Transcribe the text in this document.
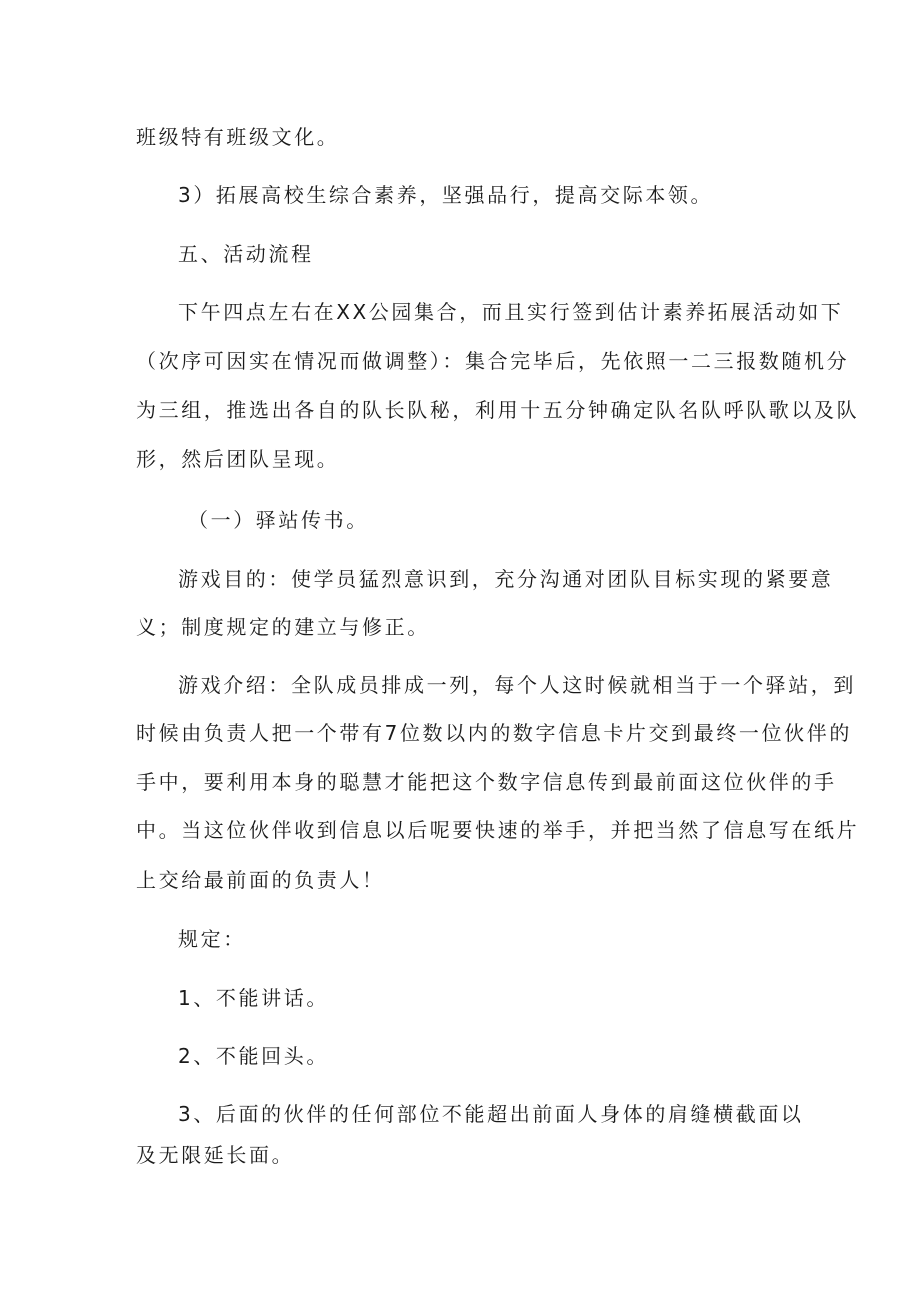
班级特有班级文化。
3）拓展高校生综合素养，坚强品行，提高交际本领。
五、活动流程
下午四点左右在XX公园集合，而且实行签到估计素养拓展活动如下
（次序可因实在情况而做调整）：集合完毕后，先依照一二三报数随机分
为三组，推选出各自的队长队秘，利用十五分钟确定队名队呼队歌以及队
形，然后团队呈现。
（一）驿站传书。
游戏目的：使学员猛烈意识到，充分沟通对团队目标实现的紧要意
义；制度规定的建立与修正。
游戏介绍：全队成员排成一列，每个人这时候就相当于一个驿站，到
时候由负责人把一个带有7位数以内的数字信息卡片交到最终一位伙伴的
手中，要利用本身的聪慧才能把这个数字信息传到最前面这位伙伴的手
中。当这位伙伴收到信息以后呢要快速的举手，并把当然了信息写在纸片
上交给最前面的负责人！
规定：
1、不能讲话。
2、不能回头。
3、后面的伙伴的任何部位不能超出前面人身体的肩缝横截面以
及无限延长面。
